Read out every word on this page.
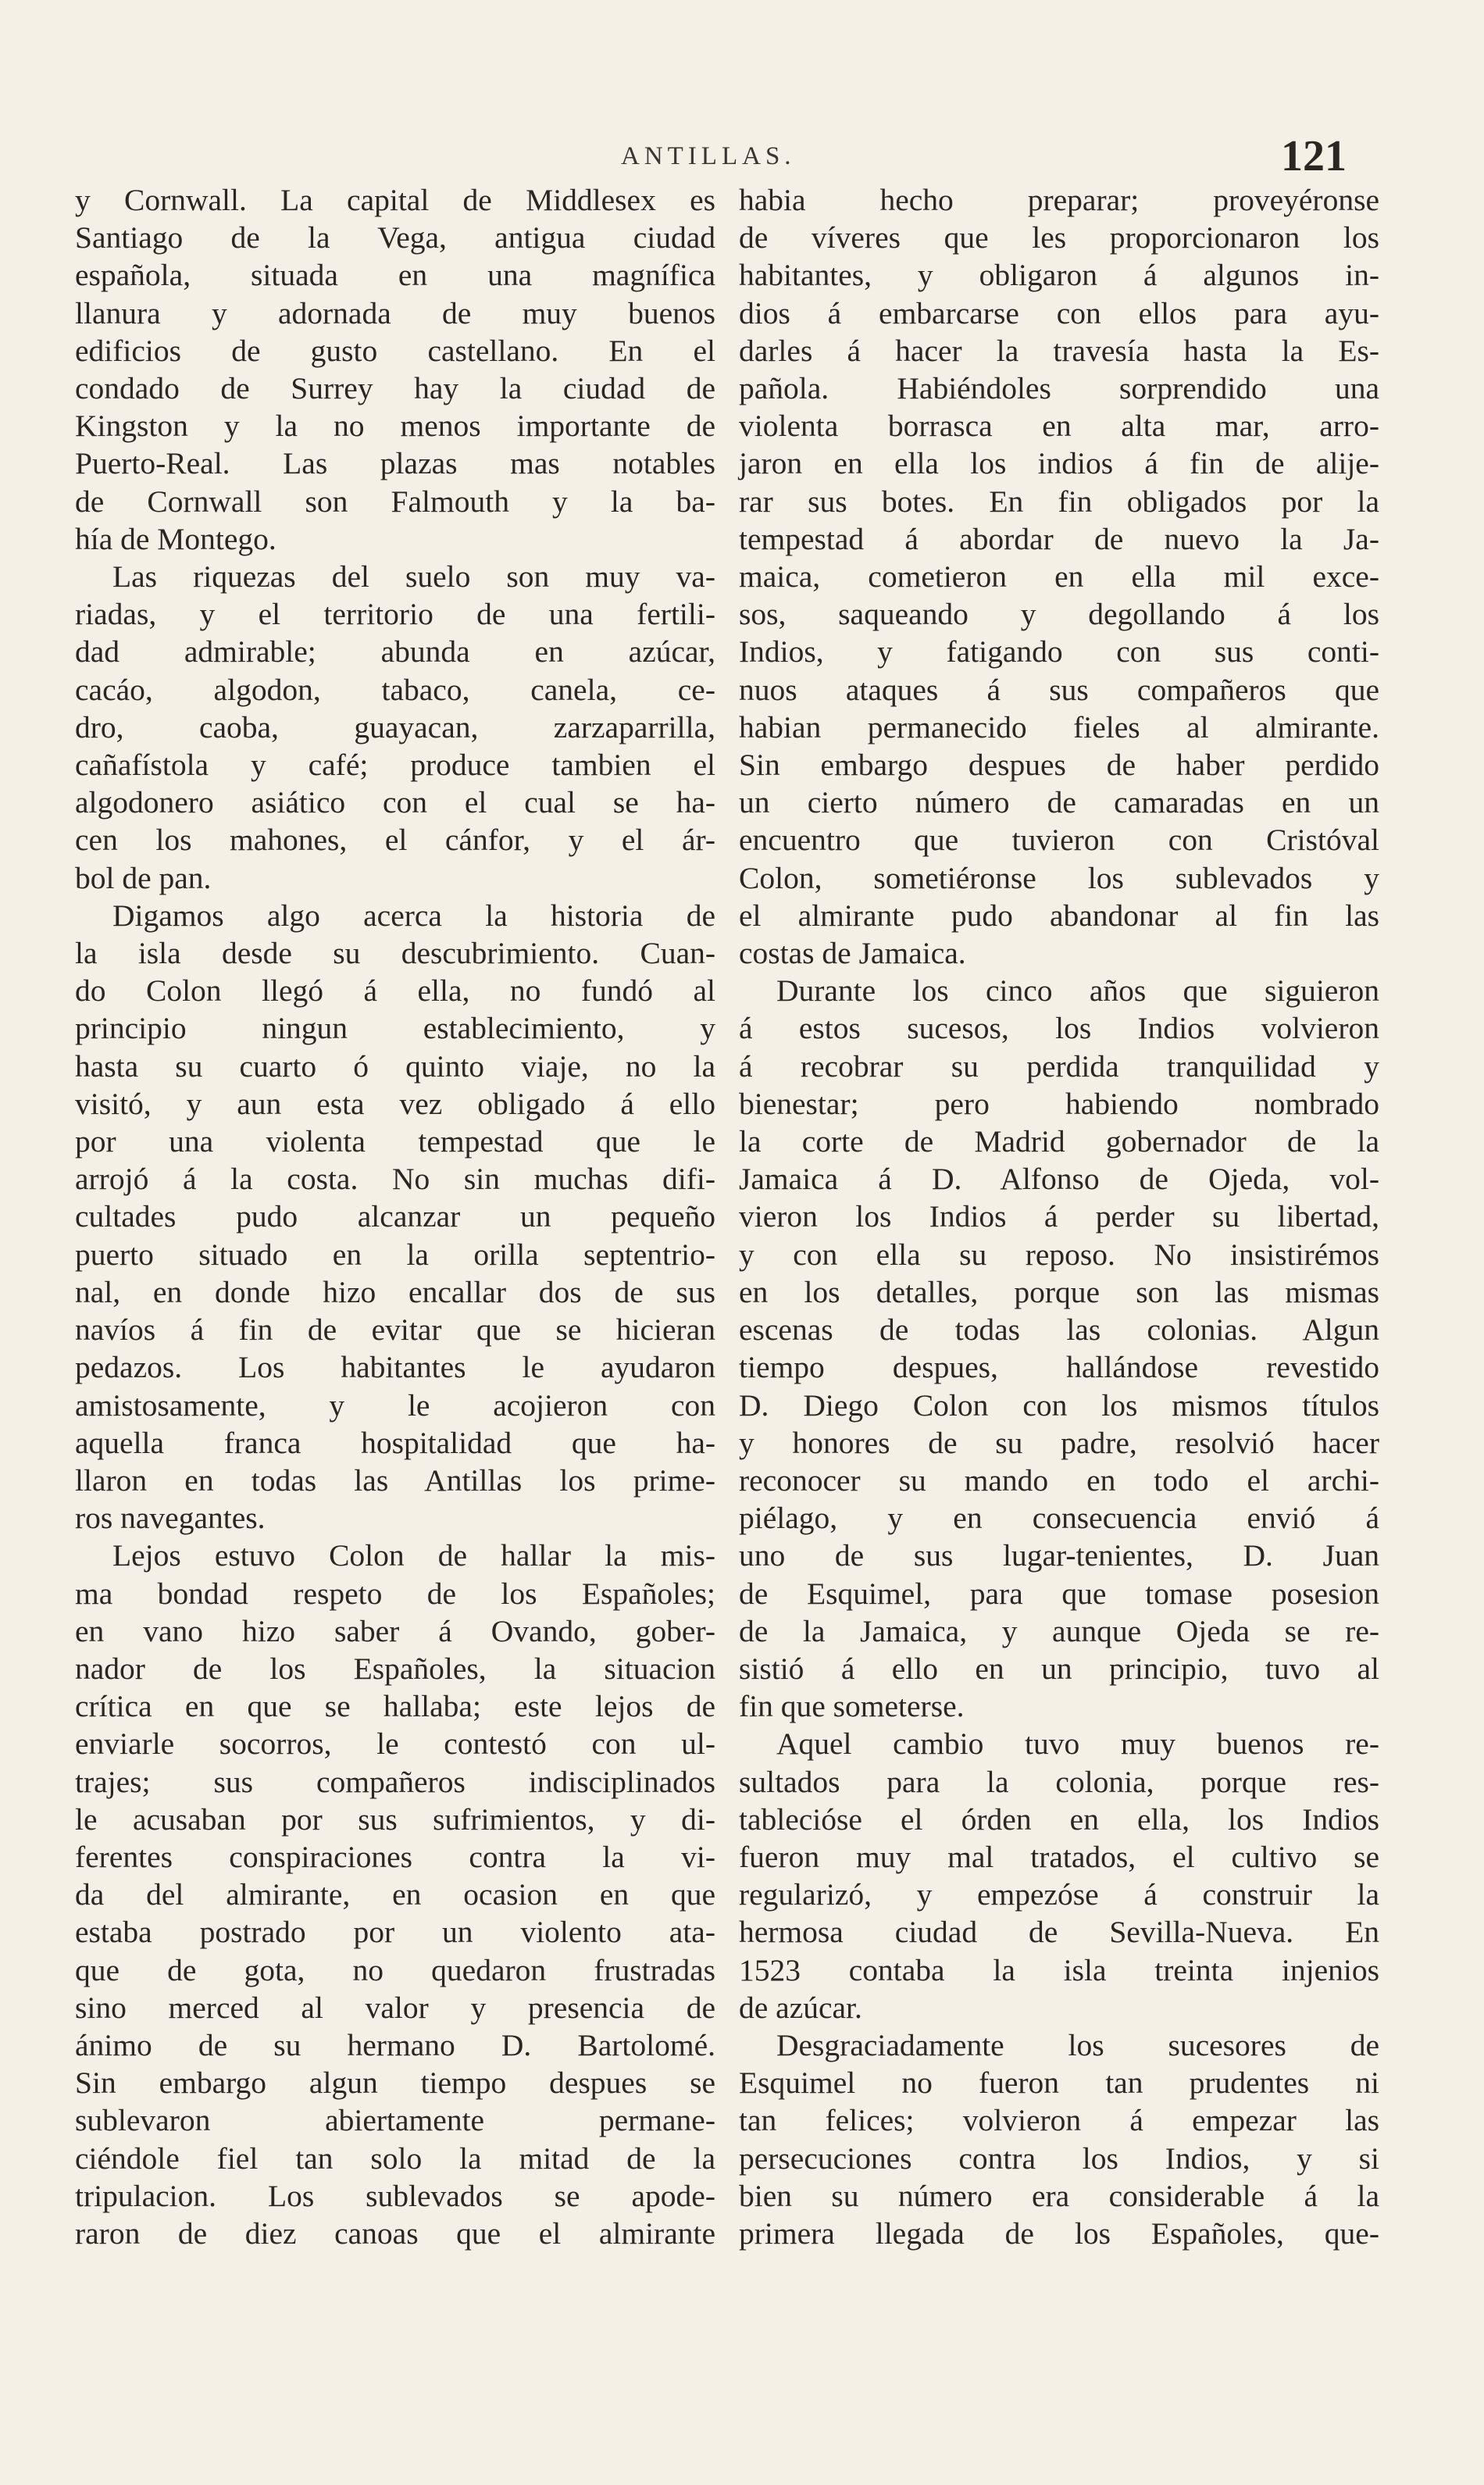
ANTILLAS.	121
y Cornwall. La capital de Middlesex es
Santiago de la Vega, antigua ciudad
española, situada en una magnífica
llanura y adornada de muy buenos
edificios de gusto castellano. En el
condado de Surrey hay la ciudad de
Kingston y la no menos importante de
Puerto-Real. Las plazas mas notables
de Cornwall son Falmouth y la ba-
hía de Montego.
Las riquezas del suelo son muy va-
riadas, y el territorio de una fertili-
dad admirable; abunda en azúcar,
cacáo, algodon, tabaco, canela, ce-
dro, caoba, guayacan, zarzaparrilla,
cañafístola y café; produce tambien el
algodonero asiático con el cual se ha-
cen los mahones, el cánfor, y el ár-
bol de pan.
Digamos algo acerca la historia de
la isla desde su descubrimiento. Cuan-
do Colon llegó á ella, no fundó al
principio ningun establecimiento, y
hasta su cuarto ó quinto viaje, no la
visitó, y aun esta vez obligado á ello
por una violenta tempestad que le
arrojó á la costa. No sin muchas difi-
cultades pudo alcanzar un pequeño
puerto situado en la orilla septentrio-
nal, en donde hizo encallar dos de sus
navíos á fin de evitar que se hicieran
pedazos. Los habitantes le ayudaron
amistosamente, y le acojieron con
aquella franca hospitalidad que ha-
llaron en todas las Antillas los prime-
ros navegantes.
Lejos estuvo Colon de hallar la mis-
ma bondad respeto de los Españoles;
en vano hizo saber á Ovando, gober-
nador de los Españoles, la situacion
crítica en que se hallaba; este lejos de
enviarle socorros, le contestó con ul-
trajes; sus compañeros indisciplinados
le acusaban por sus sufrimientos, y di-
ferentes conspiraciones contra la vi-
da del almirante, en ocasion en que
estaba postrado por un violento ata-
que de gota, no quedaron frustradas
sino merced al valor y presencia de
ánimo de su hermano D. Bartolomé.
Sin embargo algun tiempo despues se
sublevaron abiertamente permane-
ciéndole fiel tan solo la mitad de la
tripulacion. Los sublevados se apode-
raron de diez canoas que el almirante
habia hecho preparar; proveyéronse
de víveres que les proporcionaron los
habitantes, y obligaron á algunos in-
dios á embarcarse con ellos para ayu-
darles á hacer la travesía hasta la Es-
pañola. Habiéndoles sorprendido una
violenta borrasca en alta mar, arro-
jaron en ella los indios á fin de alije-
rar sus botes. En fin obligados por la
tempestad á abordar de nuevo la Ja-
maica, cometieron en ella mil exce-
sos, saqueando y degollando á los
Indios, y fatigando con sus conti-
nuos ataques á sus compañeros que
habian permanecido fieles al almirante.
Sin embargo despues de haber perdido
un cierto número de camaradas en un
encuentro que tuvieron con Cristóval
Colon, sometiéronse los sublevados y
el almirante pudo abandonar al fin las
costas de Jamaica.
Durante los cinco años que siguieron
á estos sucesos, los Indios volvieron
á recobrar su perdida tranquilidad y
bienestar; pero habiendo nombrado
la corte de Madrid gobernador de la
Jamaica á D. Alfonso de Ojeda, vol-
vieron los Indios á perder su libertad,
y con ella su reposo. No insistirémos
en los detalles, porque son las mismas
escenas de todas las colonias. Algun
tiempo despues, hallándose revestido
D. Diego Colon con los mismos títulos
y honores de su padre, resolvió hacer
reconocer su mando en todo el archi-
piélago, y en consecuencia envió á
uno de sus lugar-tenientes, D. Juan
de Esquimel, para que tomase posesion
de la Jamaica, y aunque Ojeda se re-
sistió á ello en un principio, tuvo al
fin que someterse.
Aquel cambio tuvo muy buenos re-
sultados para la colonia, porque res-
tablecióse el órden en ella, los Indios
fueron muy mal tratados, el cultivo se
regularizó, y empezóse á construir la
hermosa ciudad de Sevilla-Nueva. En
1523 contaba la isla treinta injenios
de azúcar.
Desgraciadamente los sucesores de
Esquimel no fueron tan prudentes ni
tan felices; volvieron á empezar las
persecuciones contra los Indios, y si
bien su número era considerable á la
primera llegada de los Españoles, que-
